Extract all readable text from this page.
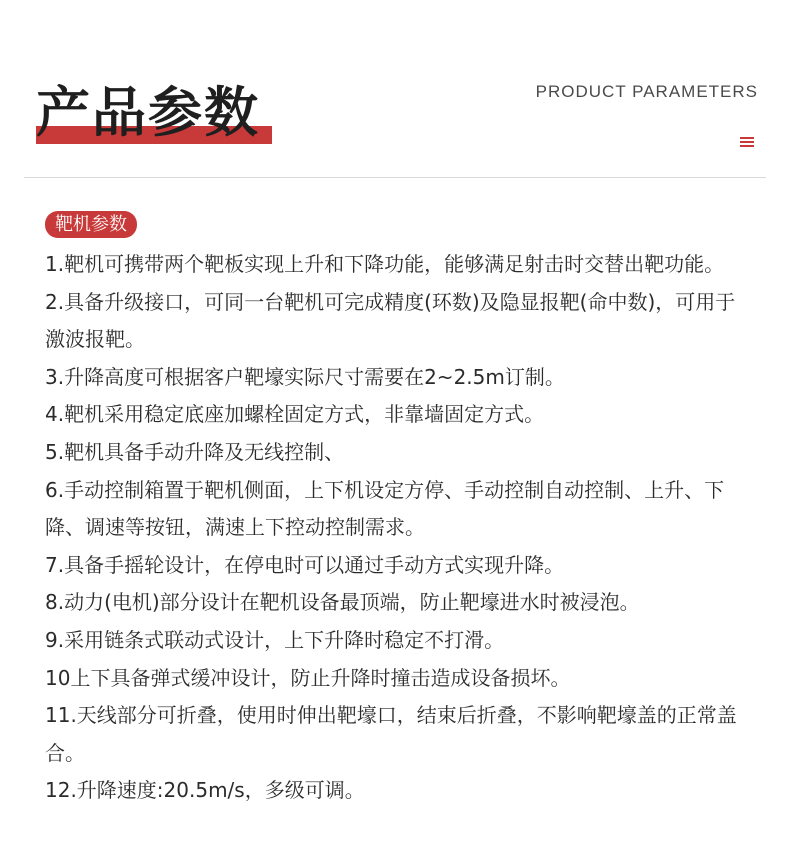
产品参数	PRODUCT PARAMETERS
靶机参数
1.靶机可携带两个靶板实现上升和下降功能，能够满足射击时交替出靶功能。
2.具备升级接口，可同一台靶机可完成精度(环数)及隐显报靶(命中数)，可用于激波报靶。
3.升降高度可根据客户靶壕实际尺寸需要在2~2.5m订制。
4.靶机采用稳定底座加螺栓固定方式，非靠墙固定方式。
5.靶机具备手动升降及无线控制、
6.手动控制箱置于靶机侧面，上下机设定方停、手动控制自动控制、上升、下降、调速等按钮，满速上下控动控制需求。
7.具备手摇轮设计，在停电时可以通过手动方式实现升降。
8.动力(电机)部分设计在靶机设备最顶端，防止靶壕进水时被浸泡。
9.采用链条式联动式设计，上下升降时稳定不打滑。
10上下具备弹式缓冲设计，防止升降时撞击造成设备损坏。
11.天线部分可折叠，使用时伸出靶壕口，结束后折叠，不影响靶壕盖的正常盖合。
12.升降速度:20.5m/s，多级可调。
